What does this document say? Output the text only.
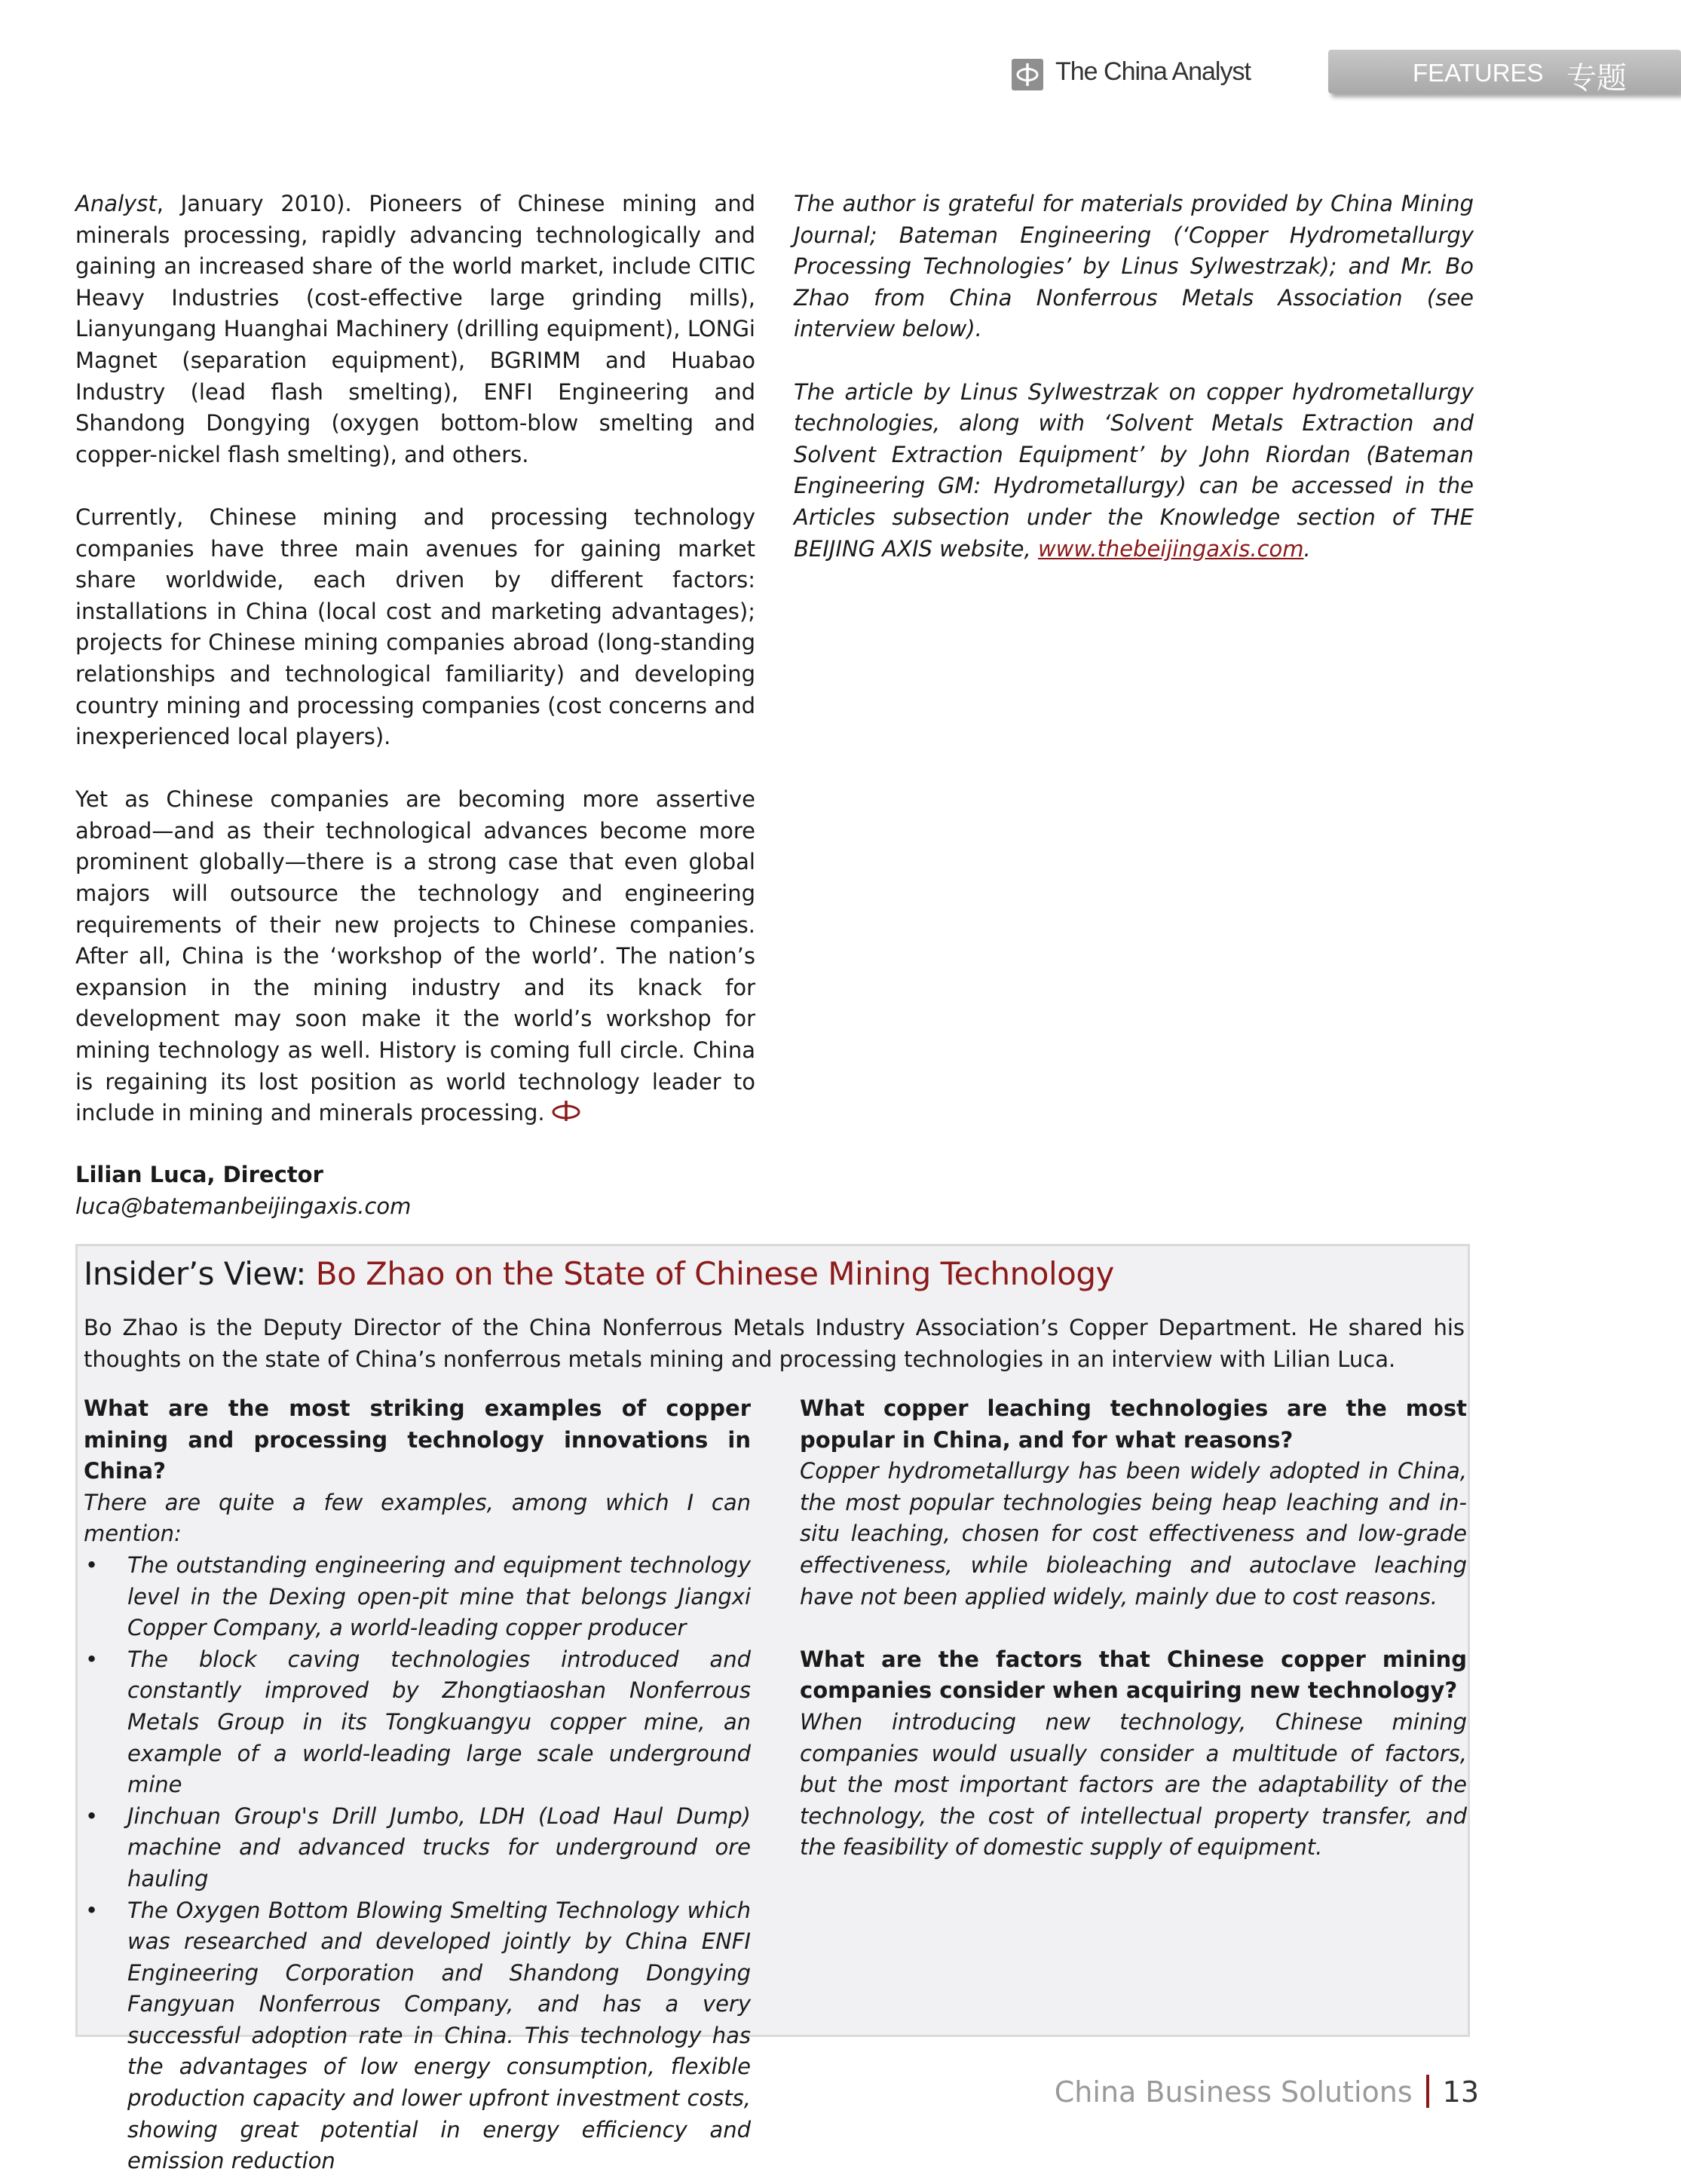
The China Analyst	FEATURES 专题

Analyst, January 2010). Pioneers of Chinese mining and minerals processing, rapidly advancing technologically and gaining an increased share of the world market, include CITIC Heavy Industries (cost-effective large grinding mills), Lianyungang Huanghai Machinery (drilling equipment), LONGi Magnet (separation equipment), BGRIMM and Huabao Industry (lead flash smelting), ENFI Engineering and Shandong Dongying (oxygen bottom-blow smelting and copper-nickel flash smelting), and others.

Currently, Chinese mining and processing technology companies have three main avenues for gaining market share worldwide, each driven by different factors: installations in China (local cost and marketing advantages); projects for Chinese mining companies abroad (long-standing relationships and technological familiarity) and developing country mining and processing companies (cost concerns and inexperienced local players).

Yet as Chinese companies are becoming more assertive abroad—and as their technological advances become more prominent globally—there is a strong case that even global majors will outsource the technology and engineering requirements of their new projects to Chinese companies. After all, China is the ‘workshop of the world’. The nation’s expansion in the mining industry and its knack for development may soon make it the world’s workshop for mining technology as well. History is coming full circle. China is regaining its lost position as world technology leader to include in mining and minerals processing.

Lilian Luca, Director
luca@batemanbeijingaxis.com

The author is grateful for materials provided by China Mining Journal; Bateman Engineering (‘Copper Hydrometallurgy Processing Technologies’ by Linus Sylwestrzak); and Mr. Bo Zhao from China Nonferrous Metals Association (see interview below).

The article by Linus Sylwestrzak on copper hydrometallurgy technologies, along with ‘Solvent Metals Extraction and Solvent Extraction Equipment’ by John Riordan (Bateman Engineering GM: Hydrometallurgy) can be accessed in the Articles subsection under the Knowledge section of THE BEIJING AXIS website, www.thebeijingaxis.com.

Insider’s View: Bo Zhao on the State of Chinese Mining Technology
Bo Zhao is the Deputy Director of the China Nonferrous Metals Industry Association’s Copper Department. He shared his thoughts on the state of China’s nonferrous metals mining and processing technologies in an interview with Lilian Luca.

What are the most striking examples of copper mining and processing technology innovations in China?

There are quite a few examples, among which I can mention:

• The outstanding engineering and equipment technology level in the Dexing open-pit mine that belongs Jiangxi Copper Company, a world-leading copper producer
• The block caving technologies introduced and constantly improved by Zhongtiaoshan Nonferrous Metals Group in its Tongkuangyu copper mine, an example of a world-leading large scale underground mine
• Jinchuan Group's Drill Jumbo, LDH (Load Haul Dump) machine and advanced trucks for underground ore hauling
• The Oxygen Bottom Blowing Smelting Technology which was researched and developed jointly by China ENFI Engineering Corporation and Shandong Dongying Fangyuan Nonferrous Company, and has a very successful adoption rate in China. This technology has the advantages of low energy consumption, flexible production capacity and lower upfront investment costs, showing great potential in energy efficiency and emission reduction

What copper leaching technologies are the most popular in China, and for what reasons?

Copper hydrometallurgy has been widely adopted in China, the most popular technologies being heap leaching and in-situ leaching, chosen for cost effectiveness and low-grade effectiveness, while bioleaching and autoclave leaching have not been applied widely, mainly due to cost reasons.

What are the factors that Chinese copper mining companies consider when acquiring new technology?

When introducing new technology, Chinese mining companies would usually consider a multitude of factors, but the most important factors are the adaptability of the technology, the cost of intellectual property transfer, and the feasibility of domestic supply of equipment.

China Business Solutions 13
